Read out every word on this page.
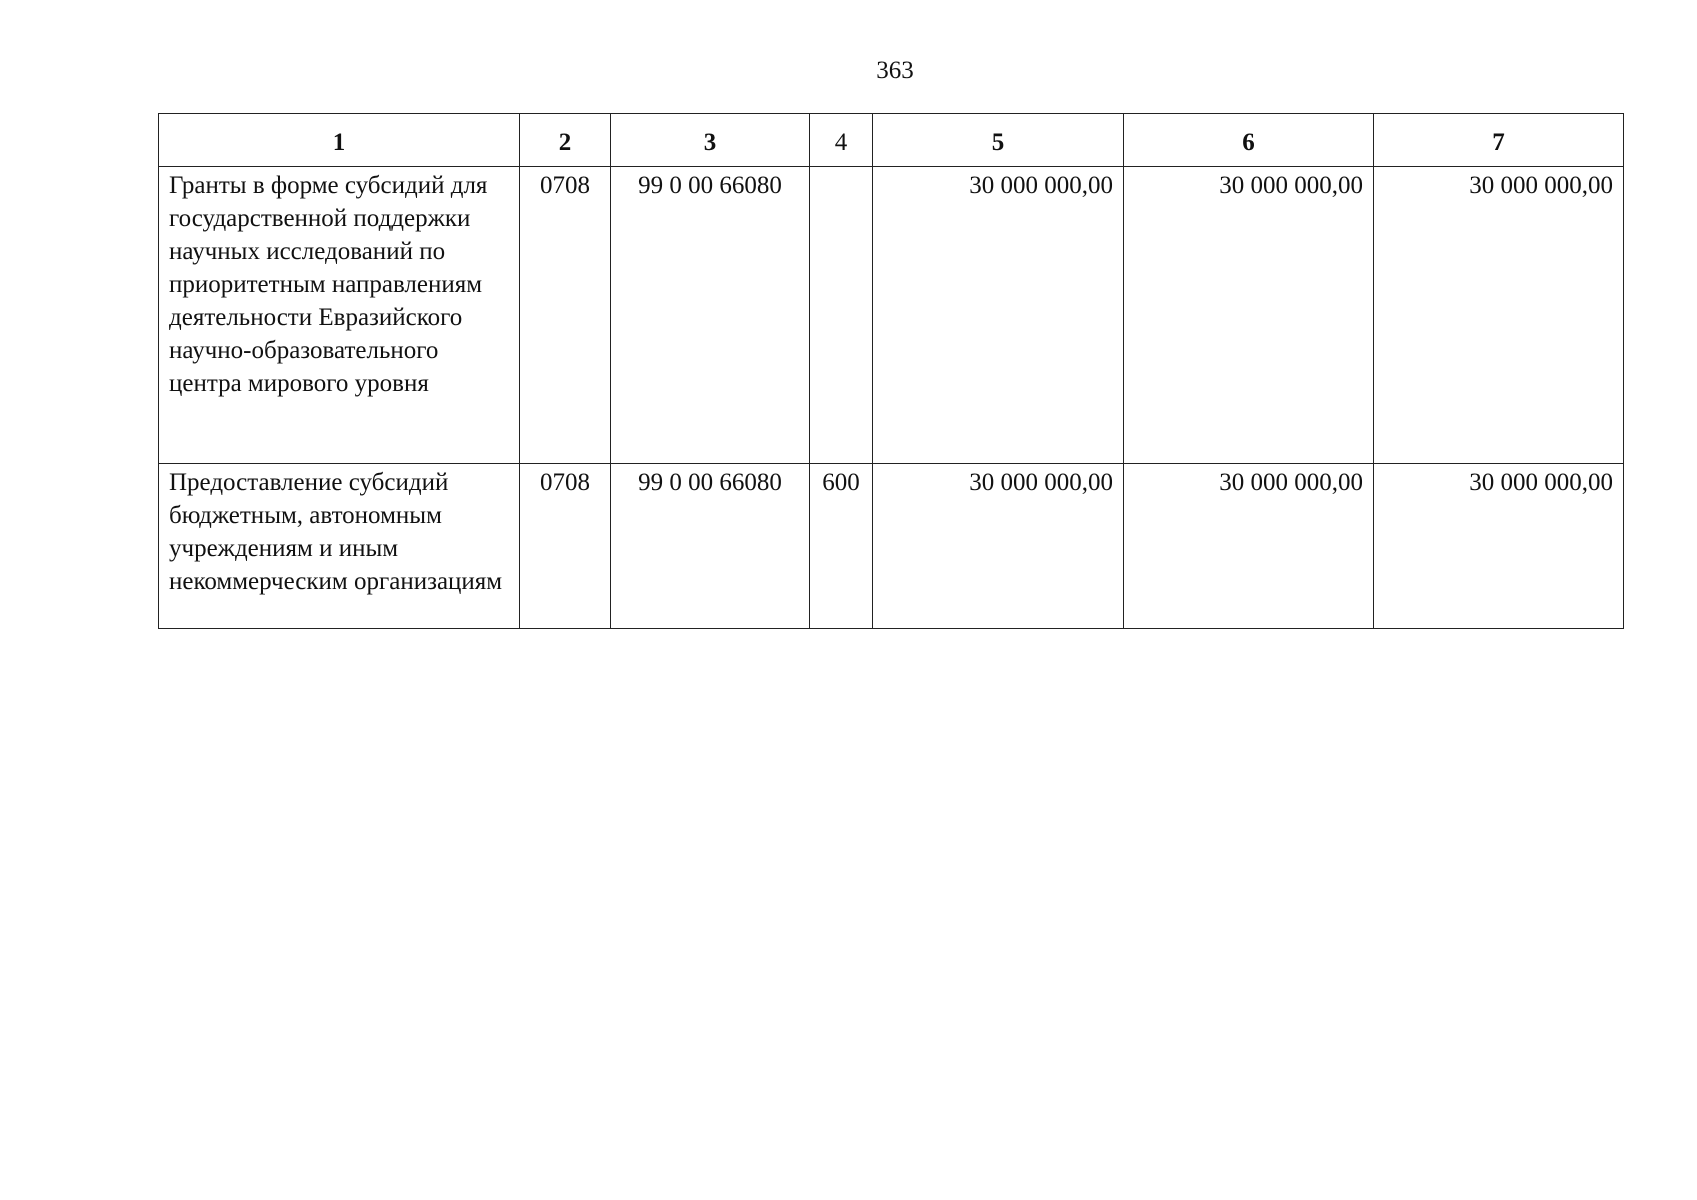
363
1	2	3	4	5	6	7
Гранты в форме субсидий для государственной поддержки научных исследований по приоритетным направлениям деятельности Евразийского научно-образовательного центра мирового уровня	0708	99 0 00 66080		30 000 000,00	30 000 000,00	30 000 000,00
Предоставление субсидий бюджетным, автономным учреждениям и иным некоммерческим организациям	0708	99 0 00 66080	600	30 000 000,00	30 000 000,00	30 000 000,00
